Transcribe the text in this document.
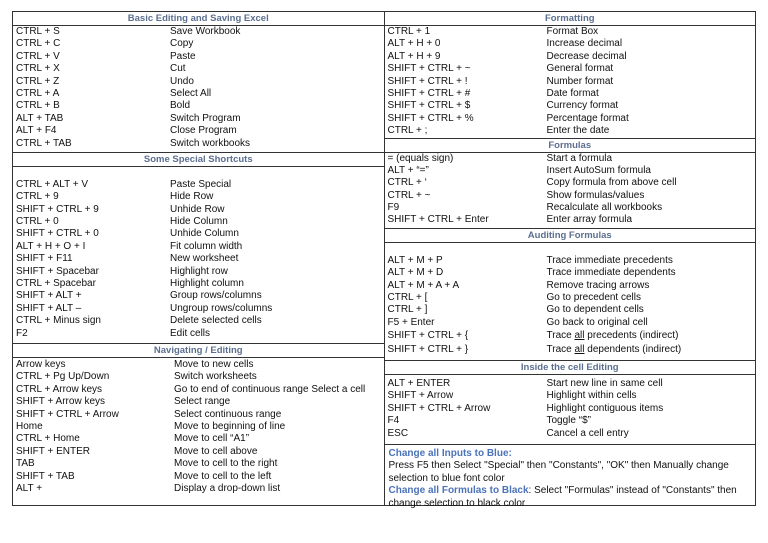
Basic Editing and Saving Excel
CTRL + S	Save Workbook
CTRL + C	Copy
CTRL + V	Paste
CTRL + X	Cut
CTRL + Z	Undo
CTRL + A	Select All
CTRL + B	Bold
ALT + TAB	Switch Program
ALT + F4	Close Program
CTRL + TAB	Switch workbooks
Some Special Shortcuts
CTRL + ALT + V	Paste Special
CTRL + 9	Hide Row
SHIFT + CTRL + 9	Unhide Row
CTRL + 0	Hide Column
SHIFT + CTRL + 0	Unhide Column
ALT + H + O + I	Fit column width
SHIFT + F11	New worksheet
SHIFT + Spacebar	Highlight row
CTRL + Spacebar	Highlight column
SHIFT + ALT +	Group rows/columns
SHIFT + ALT –	Ungroup rows/columns
CTRL + Minus sign	Delete selected cells
F2	Edit cells
Navigating / Editing
Arrow keys	Move to new cells
CTRL + Pg Up/Down	Switch worksheets
CTRL + Arrow keys	Go to end of continuous range Select a cell
SHIFT + Arrow keys	Select range
SHIFT + CTRL + Arrow	Select continuous range
Home	Move to beginning of line
CTRL + Home	Move to cell “A1”
SHIFT + ENTER	Move to cell above
TAB	Move to cell to the right
SHIFT + TAB	Move to cell to the left
ALT +	Display a drop-down list
Formatting
CTRL + 1	Format Box
ALT + H + 0	Increase decimal
ALT + H + 9	Decrease decimal
SHIFT + CTRL + ~	General format
SHIFT + CTRL + !	Number format
SHIFT + CTRL + #	Date format
SHIFT + CTRL + $	Currency format
SHIFT + CTRL + %	Percentage format
CTRL + ;	Enter the date
Formulas
= (equals sign)	Start a formula
ALT + “=”	Insert AutoSum formula
CTRL + ‘	Copy formula from above cell
CTRL + ~	Show formulas/values
F9	Recalculate all workbooks
SHIFT + CTRL + Enter	Enter array formula
Auditing Formulas
ALT + M + P	Trace immediate precedents
ALT + M + D	Trace immediate dependents
ALT + M + A + A	Remove tracing arrows
CTRL + [	Go to precedent cells
CTRL + ]	Go to dependent cells
F5 + Enter	Go back to original cell
SHIFT + CTRL + {	Trace all precedents (indirect)
SHIFT + CTRL + }	Trace all dependents (indirect)
Inside the cell Editing
ALT + ENTER	Start new line in same cell
SHIFT + Arrow	Highlight within cells
SHIFT + CTRL + Arrow	Highlight contiguous items
F4	Toggle “$”
ESC	Cancel a cell entry
Change all Inputs to Blue:
Press F5 then Select "Special" then "Constants", "OK" then Manually change selection to blue font color
Change all Formulas to Black: Select "Formulas" instead of "Constants" then change selection to black color
